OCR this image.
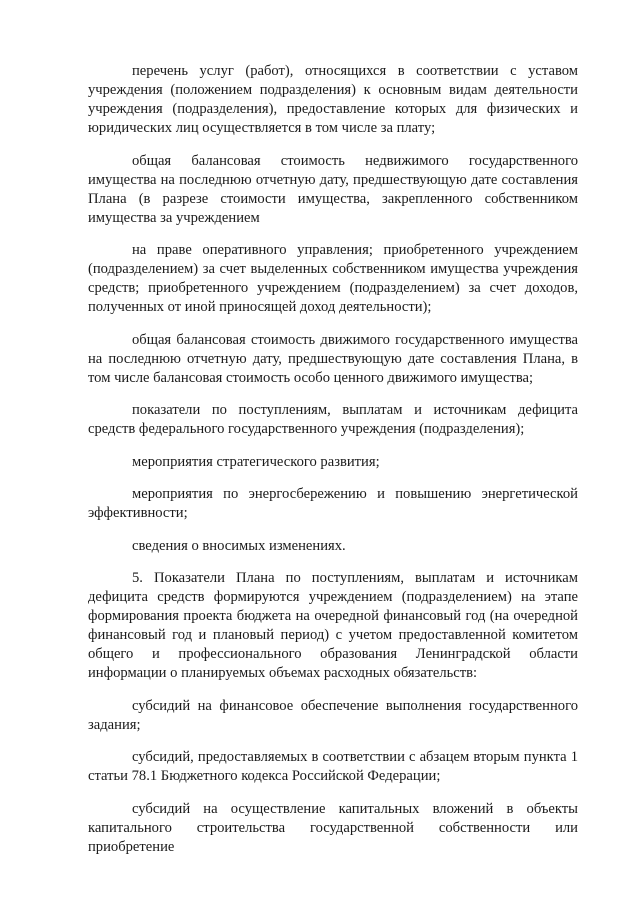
перечень услуг (работ), относящихся в соответствии с уставом учреждения (положением подразделения) к основным видам деятельности учреждения (подразделения), предоставление которых для физических и юридических лиц осуществляется в том числе за плату;

общая балансовая стоимость недвижимого государственного имущества на последнюю отчетную дату, предшествующую дате составления Плана (в разрезе стоимости имущества, закрепленного собственником имущества за учреждением

на праве оперативного управления; приобретенного учреждением (подразделением) за счет выделенных собственником имущества учреждения средств; приобретенного учреждением (подразделением) за счет доходов, полученных от иной приносящей доход деятельности);

общая балансовая стоимость движимого государственного имущества на последнюю отчетную дату, предшествующую дате составления Плана, в том числе балансовая стоимость особо ценного движимого имущества;

показатели по поступлениям, выплатам и источникам дефицита средств федерального государственного учреждения (подразделения);

мероприятия стратегического развития;

мероприятия по энергосбережению и повышению энергетической эффективности;

сведения о вносимых изменениях.

5. Показатели Плана по поступлениям, выплатам и источникам дефицита средств формируются учреждением (подразделением) на этапе формирования проекта бюджета на очередной финансовый год (на очередной финансовый год и плановый период) с учетом предоставленной комитетом общего и профессионального образования Ленинградской области информации о планируемых объемах расходных обязательств:

субсидий на финансовое обеспечение выполнения государственного задания;

субсидий, предоставляемых в соответствии с абзацем вторым пункта 1 статьи 78.1 Бюджетного кодекса Российской Федерации;

субсидий на осуществление капитальных вложений в объекты капитального строительства государственной собственности или приобретение
